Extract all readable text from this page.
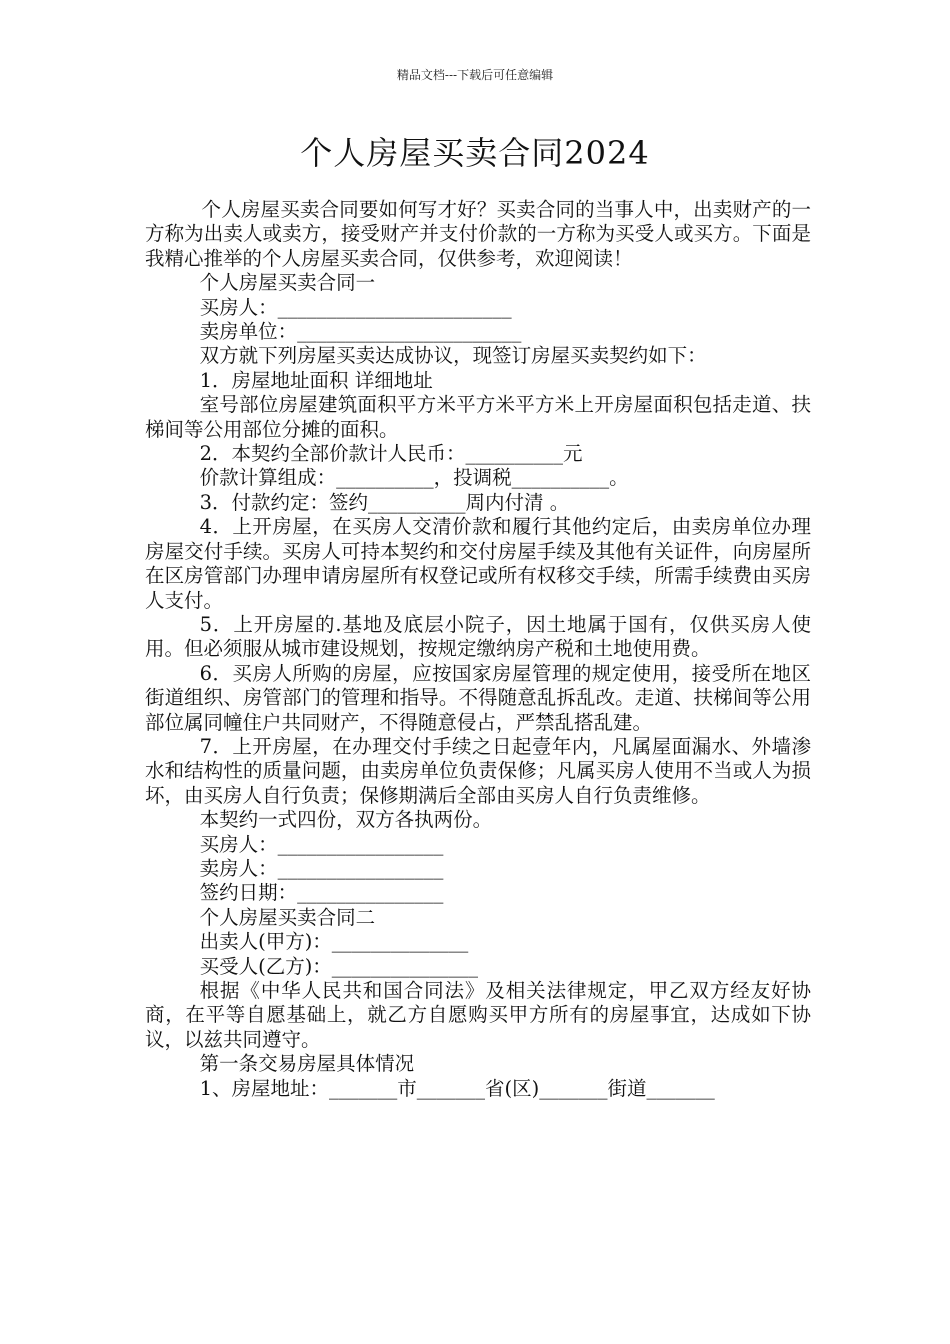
精品文档---下载后可任意编辑
个人房屋买卖合同2024

个人房屋买卖合同要如何写才好？买卖合同的当事人中，出卖财产的一方称为出卖人或卖方，接受财产并支付价款的一方称为买受人或买方。下面是我精心推举的个人房屋买卖合同，仅供参考，欢迎阅读！

个人房屋买卖合同一

买房人：________________________

卖房单位：_______________________

双方就下列房屋买卖达成协议，现签订房屋买卖契约如下：

1．房屋地址面积 详细地址

室号部位房屋建筑面积平方米平方米平方米上开房屋面积包括走道、扶梯间等公用部位分摊的面积。

2．本契约全部价款计人民币：__________元

价款计算组成：__________，投调税__________。

3．付款约定：签约__________周内付清 。

4．上开房屋，在买房人交清价款和履行其他约定后，由卖房单位办理房屋交付手续。买房人可持本契约和交付房屋手续及其他有关证件，向房屋所在区房管部门办理申请房屋所有权登记或所有权移交手续，所需手续费由买房人支付。

5．上开房屋的.基地及底层小院子，因土地属于国有，仅供买房人使用。但必须服从城市建设规划，按规定缴纳房产税和土地使用费。

6．买房人所购的房屋，应按国家房屋管理的规定使用，接受所在地区街道组织、房管部门的管理和指导。不得随意乱拆乱改。走道、扶梯间等公用部位属同幢住户共同财产，不得随意侵占，严禁乱搭乱建。

7．上开房屋，在办理交付手续之日起壹年内，凡属屋面漏水、外墙渗水和结构性的质量问题，由卖房单位负责保修；凡属买房人使用不当或人为损坏，由买房人自行负责；保修期满后全部由买房人自行负责维修。

本契约一式四份，双方各执两份。

买房人：_________________

卖房人：_________________

签约日期：_______________

个人房屋买卖合同二

出卖人(甲方)：______________

买受人(乙方)：_______________

根据《中华人民共和国合同法》及相关法律规定，甲乙双方经友好协商，在平等自愿基础上，就乙方自愿购买甲方所有的房屋事宜，达成如下协议，以兹共同遵守。

第一条交易房屋具体情况

1、房屋地址：_______市_______省(区)_______街道_______
